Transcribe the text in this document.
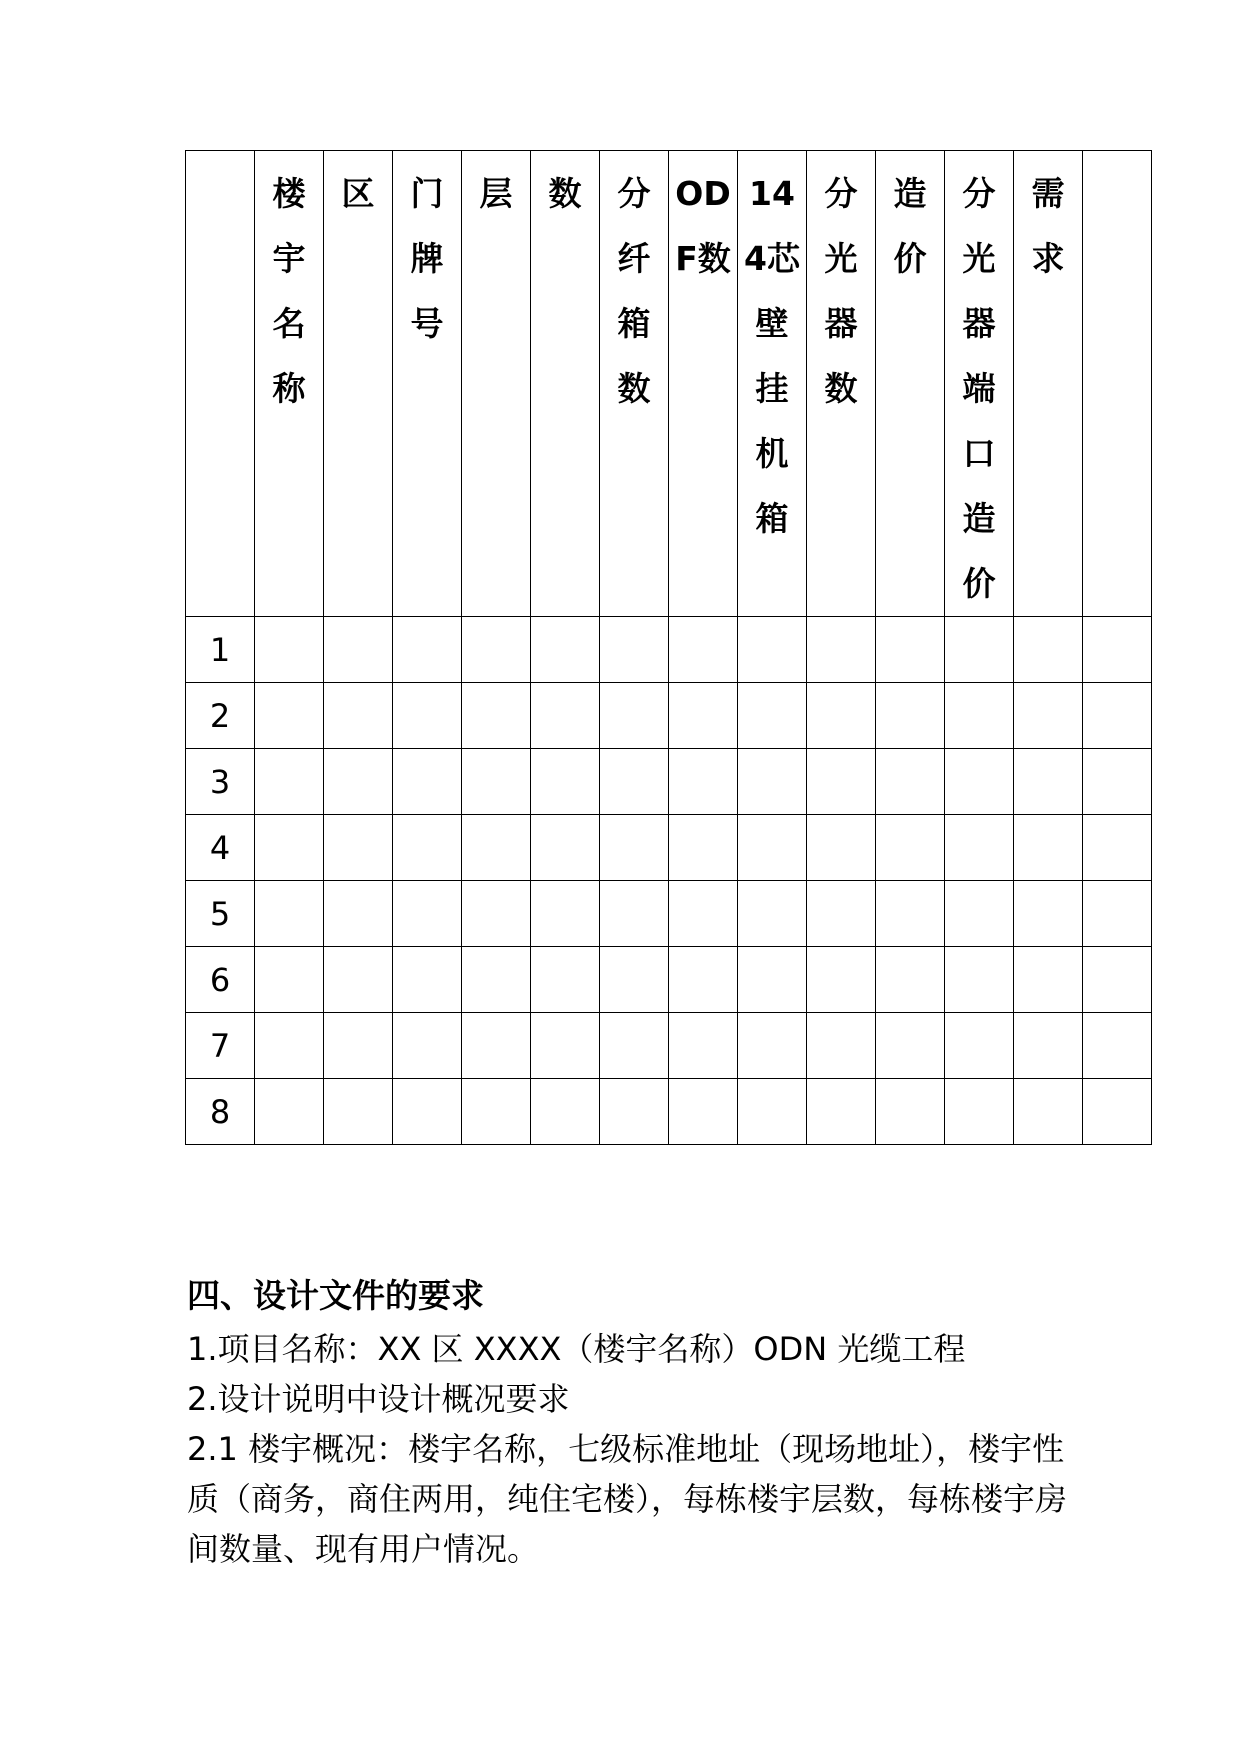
	楼宇名称	区	门牌号	层	数	分纤箱数	ODF数	144芯壁挂机箱	分光器数	造价	分光器端口造价	需求	

1													
2													
3													
4													
5													
6													
7													
8													

四、设计文件的要求

1.项目名称：XX 区 XXXX（楼宇名称）ODN 光缆工程

2.设计说明中设计概况要求

2.1 楼宇概况：楼宇名称，七级标准地址（现场地址），楼宇性质（商务，商住两用，纯住宅楼），每栋楼宇层数，每栋楼宇房间数量、现有用户情况。
